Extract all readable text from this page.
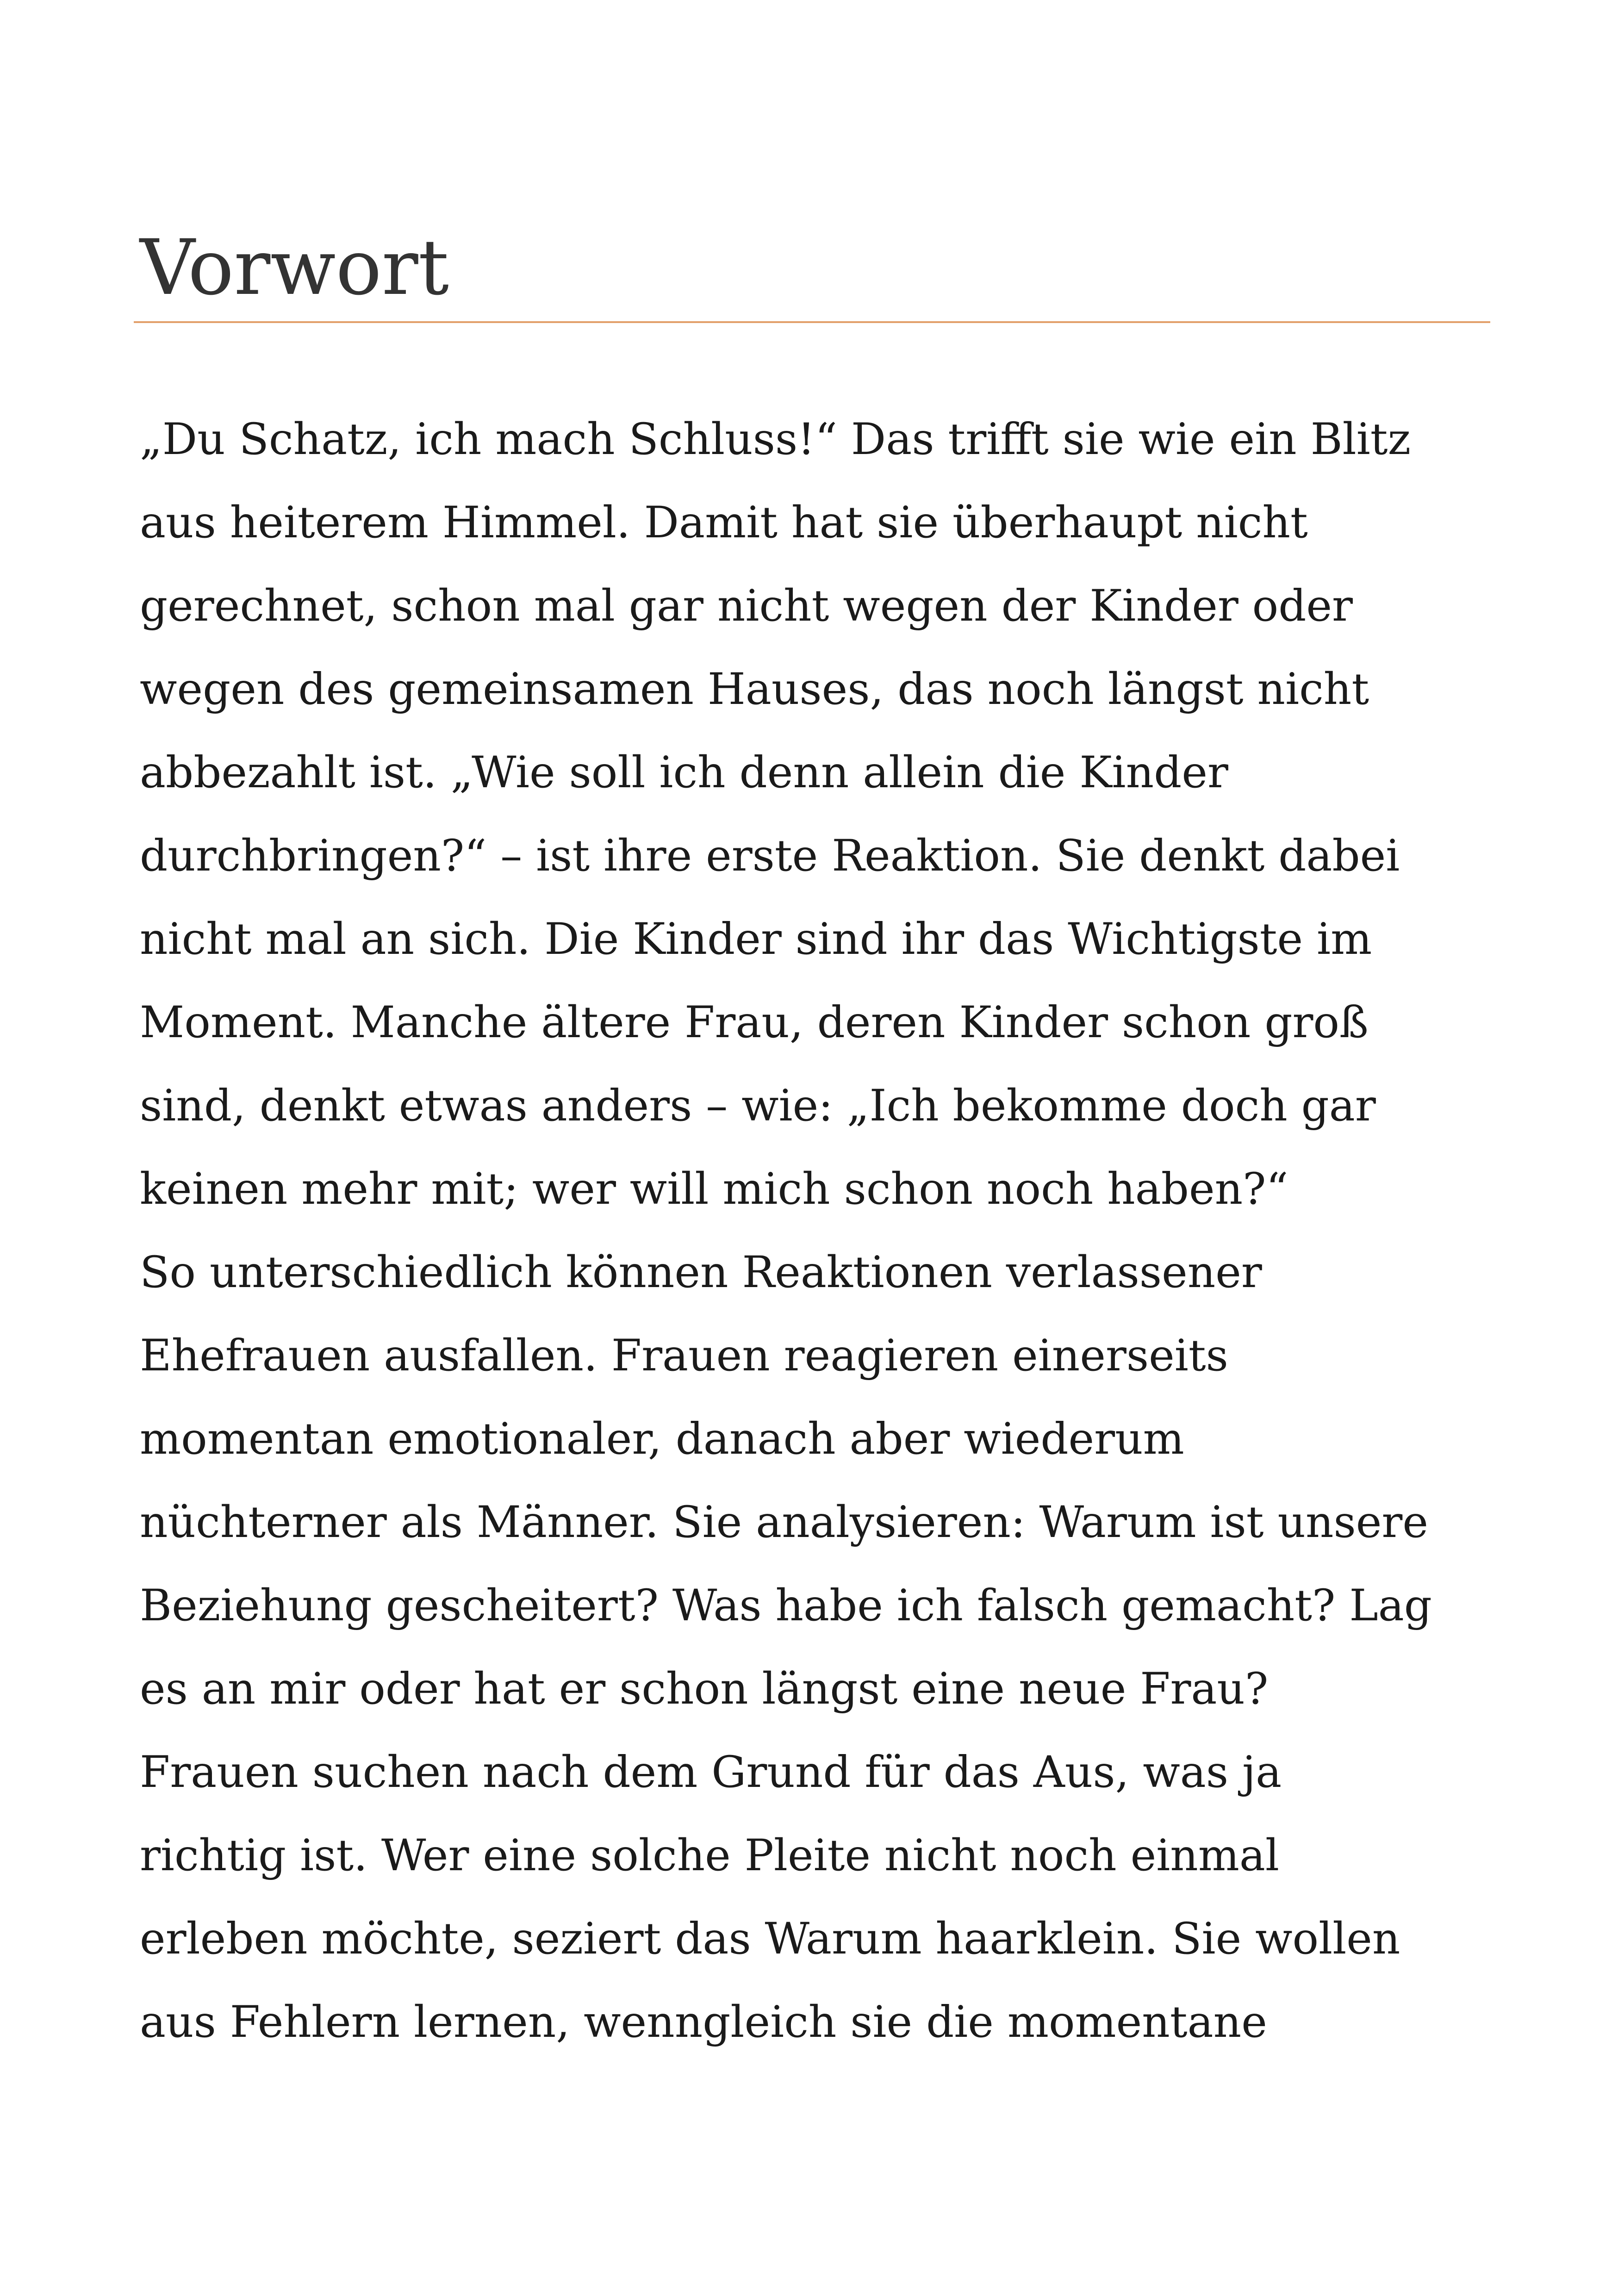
Vorwort
„Du Schatz, ich mach Schluss!“ Das trifft sie wie ein Blitz
aus heiterem Himmel. Damit hat sie überhaupt nicht
gerechnet, schon mal gar nicht wegen der Kinder oder
wegen des gemeinsamen Hauses, das noch längst nicht
abbezahlt ist. „Wie soll ich denn allein die Kinder
durchbringen?“ – ist ihre erste Reaktion. Sie denkt dabei
nicht mal an sich. Die Kinder sind ihr das Wichtigste im
Moment. Manche ältere Frau, deren Kinder schon groß
sind, denkt etwas anders – wie: „Ich bekomme doch gar
keinen mehr mit; wer will mich schon noch haben?“
So unterschiedlich können Reaktionen verlassener
Ehefrauen ausfallen. Frauen reagieren einerseits
momentan emotionaler, danach aber wiederum
nüchterner als Männer. Sie analysieren: Warum ist unsere
Beziehung gescheitert? Was habe ich falsch gemacht? Lag
es an mir oder hat er schon längst eine neue Frau?
Frauen suchen nach dem Grund für das Aus, was ja
richtig ist. Wer eine solche Pleite nicht noch einmal
erleben möchte, seziert das Warum haarklein. Sie wollen
aus Fehlern lernen, wenngleich sie die momentane
